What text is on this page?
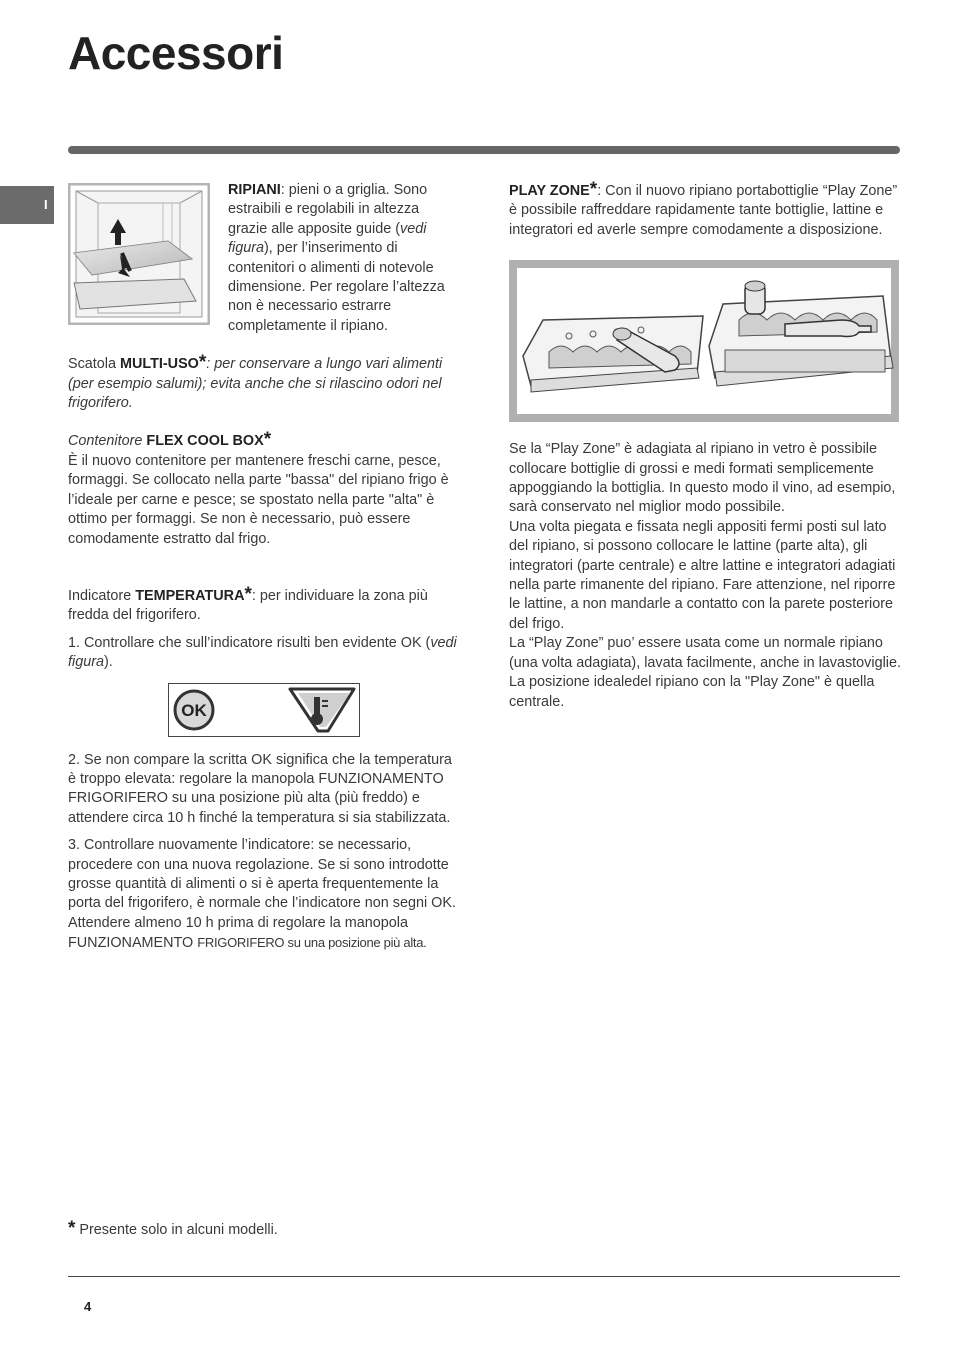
Accessori
I

RIPIANI: pieni o a griglia. Sono estraibili e regolabili in altezza grazie alle apposite guide (vedi figura), per l’inserimento di contenitori o alimenti di notevole dimensione. Per regolare l’altezza non è necessario estrarre completamente il ripiano.

Scatola MULTI-USO*: per conservare a lungo vari alimenti (per esempio salumi); evita anche che si rilascino odori nel frigorifero.

Contenitore FLEX COOL BOX*

È il nuovo contenitore per mantenere freschi carne, pesce, formaggi. Se collocato nella parte "bassa" del ripiano frigo è l’ideale per carne e pesce; se spostato nella parte "alta" è ottimo per formaggi. Se non è necessario, può essere comodamente estratto dal frigo.

Indicatore TEMPERATURA*: per individuare la zona più fredda del frigorifero.

1. Controllare che sull’indicatore risulti ben evidente OK (vedi figura).

OK

2. Se non compare la scritta OK significa che la temperatura è troppo elevata: regolare la manopola FUNZIONAMENTO FRIGORIFERO su una posizione più alta (più freddo) e attendere circa 10 h finché la temperatura si sia stabilizzata.

3. Controllare nuovamente l’indicatore: se necessario, procedere con una nuova regolazione. Se si sono introdotte grosse quantità di alimenti o si è aperta frequentemente la porta del frigorifero, è normale che l’indicatore non segni OK. Attendere almeno 10 h prima di regolare la manopola FUNZIONAMENTO FRIGORIFERO su una posizione più alta.

PLAY ZONE*: Con il nuovo ripiano portabottiglie “Play Zone” è possibile raffreddare rapidamente tante bottiglie, lattine e integratori ed averle sempre comodamente a disposizione.

Se la “Play Zone” è adagiata al ripiano in vetro è possibile collocare bottiglie di grossi e medi formati semplicemente appoggiando la bottiglia. In questo modo il vino, ad esempio, sarà conservato nel miglior modo possibile.

Una volta piegata e fissata negli appositi fermi posti sul lato del ripiano, si possono collocare le lattine (parte alta), gli integratori (parte centrale) e altre lattine e integratori adagiati nella parte rimanente del ripiano. Fare attenzione, nel riporre le lattine, a non mandarle a contatto con la parete posteriore del frigo.

La “Play Zone” puo’ essere usata come un normale ripiano (una volta adagiata), lavata facilmente, anche in lavastoviglie. La posizione idealedel ripiano con la "Play Zone" è quella centrale.

* Presente solo in alcuni modelli.
4
